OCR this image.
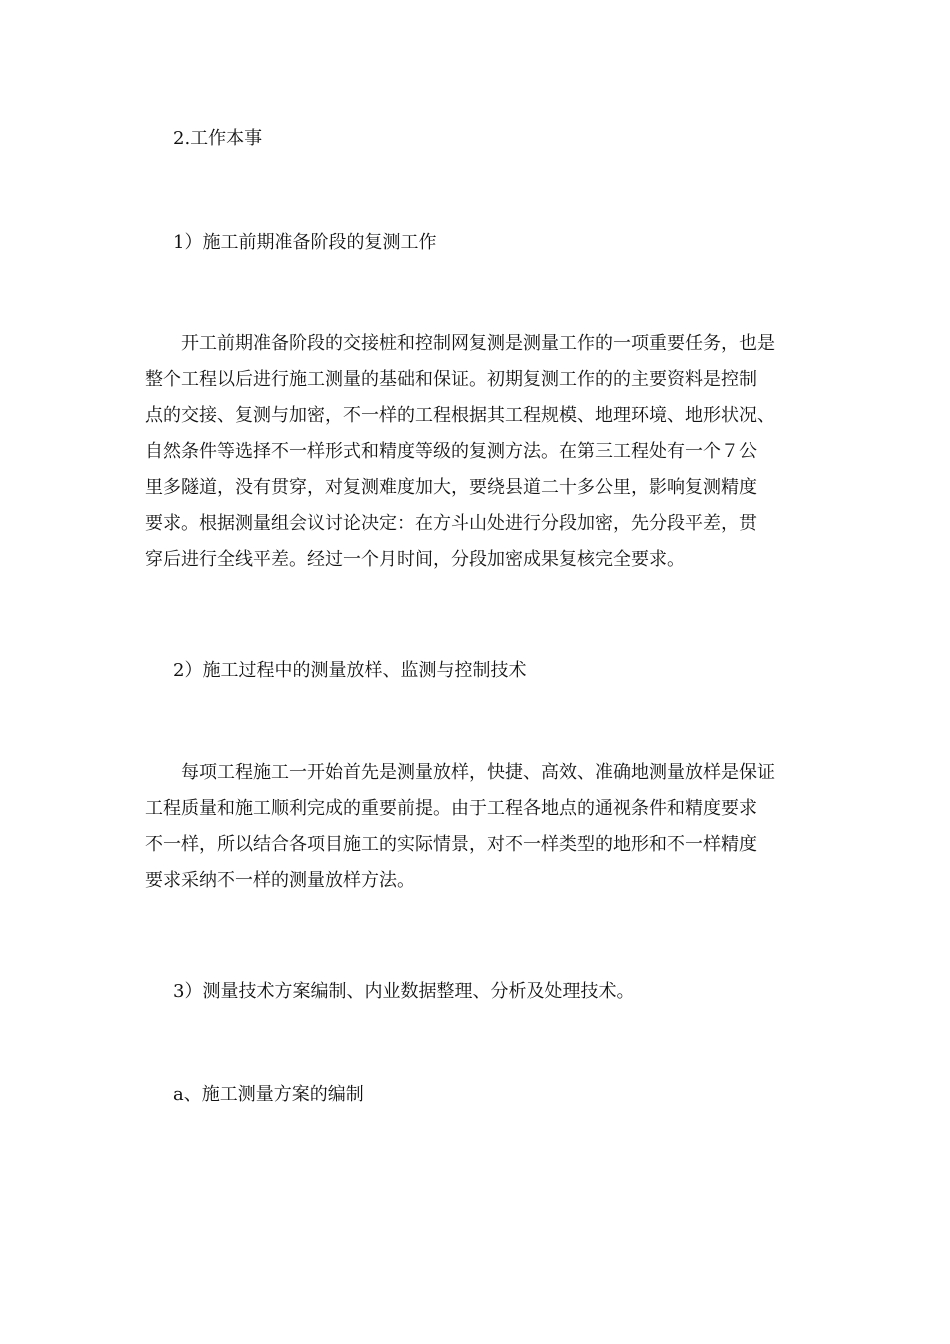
2.工作本事
1）施工前期准备阶段的复测工作
　　开工前期准备阶段的交接桩和控制网复测是测量工作的一项重要任务，也是
整个工程以后进行施工测量的基础和保证。初期复测工作的的主要资料是控制
点的交接、复测与加密，不一样的工程根据其工程规模、地理环境、地形状况、
自然条件等选择不一样形式和精度等级的复测方法。在第三工程处有一个７公
里多隧道，没有贯穿，对复测难度加大，要绕县道二十多公里，影响复测精度
要求。根据测量组会议讨论决定：在方斗山处进行分段加密，先分段平差，贯
穿后进行全线平差。经过一个月时间，分段加密成果复核完全要求。
2）施工过程中的测量放样、监测与控制技术
　　每项工程施工一开始首先是测量放样，快捷、高效、准确地测量放样是保证
工程质量和施工顺利完成的重要前提。由于工程各地点的通视条件和精度要求
不一样，所以结合各项目施工的实际情景，对不一样类型的地形和不一样精度
要求采纳不一样的测量放样方法。
3）测量技术方案编制、内业数据整理、分析及处理技术。
a、施工测量方案的编制
